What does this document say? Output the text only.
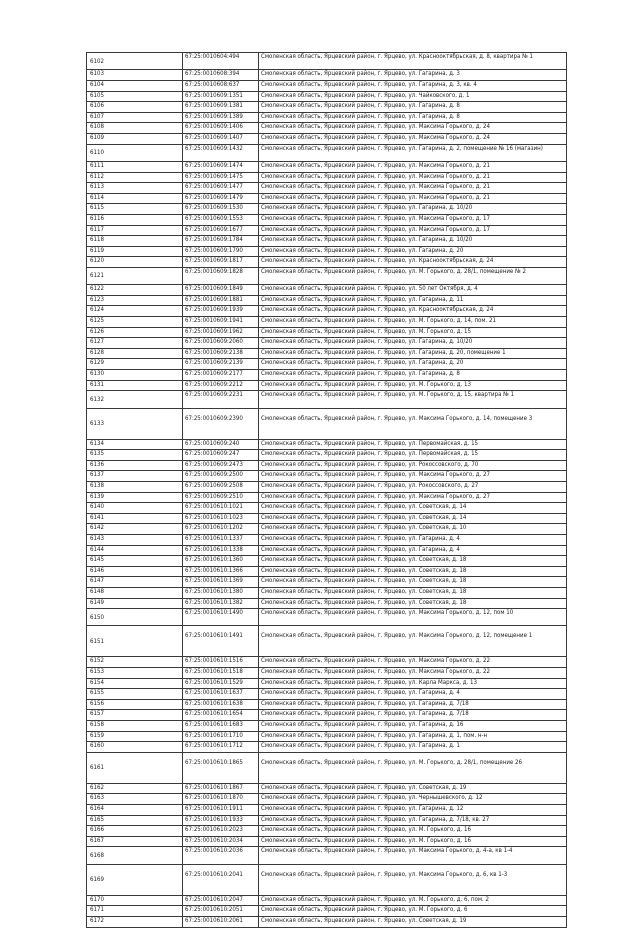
6102	67:25:0010604:494	Смоленская область, Ярцевский район, г. Ярцево, ул. Красноoктябрьская, д. 8, квартира № 1
6103	67:25:0010608:394	Смоленская область, Ярцевский район, г. Ярцево, ул. Гагарина, д. 3
6104	67:25:0010608:637	Смоленская область, Ярцевский район, г. Ярцево, ул. Гагарина, д. 3, кв. 4
6105	67:25:0010609:1351	Смоленская область, Ярцевский район, г. Ярцево, ул. Чайковского, д. 1
6106	67:25:0010609:1381	Смоленская область, Ярцевский район, г. Ярцево, ул. Гагарина, д. 8
6107	67:25:0010609:1389	Смоленская область, Ярцевский район, г. Ярцево, ул. Гагарина, д. 8
6108	67:25:0010609:1406	Смоленская область, Ярцевский район, г. Ярцево, ул. Максима Горького, д. 24
6109	67:25:0010609:1407	Смоленская область, Ярцевский район, г. Ярцево, ул. Максима Горького, д. 24
6110	67:25:0010609:1432	Смоленская область, Ярцевский район, г. Ярцево, ул. Гагарина, д. 2, помещение № 16 (магазин)
6111	67:25:0010609:1474	Смоленская область, Ярцевский район, г. Ярцево, ул. Максима Горького, д. 21
6112	67:25:0010609:1475	Смоленская область, Ярцевский район, г. Ярцево, ул. Максима Горького, д. 21
6113	67:25:0010609:1477	Смоленская область, Ярцевский район, г. Ярцево, ул. Максима Горького, д. 21
6114	67:25:0010609:1479	Смоленская область, Ярцевский район, г. Ярцево, ул. Максима Горького, д. 21
6115	67:25:0010609:1530	Смоленская область, Ярцевский район, г. Ярцево, ул. Гагарина, д. 10/20
6116	67:25:0010609:1553	Смоленская область, Ярцевский район, г. Ярцево, ул. Максима Горького, д. 17
6117	67:25:0010609:1677	Смоленская область, Ярцевский район, г. Ярцево, ул. Максима Горького, д. 17
6118	67:25:0010609:1784	Смоленская область, Ярцевский район, г. Ярцево, ул. Гагарина, д. 10/20
6119	67:25:0010609:1790	Смоленская область, Ярцевский район, г. Ярцево, ул. Гагарина, д. 20
6120	67:25:0010609:1817	Смоленская область, Ярцевский район, г. Ярцево, ул. Красноoктябрьская, д. 24
6121	67:25:0010609:1828	Смоленская область, Ярцевский район, г. Ярцево, ул. М. Горького, д. 28/1, помещение № 2
6122	67:25:0010609:1849	Смоленская область, Ярцевский район, г. Ярцево, ул. 50 лет Октября, д. 4
6123	67:25:0010609:1881	Смоленская область, Ярцевский район, г. Ярцево, ул. Гагарина, д. 11
6124	67:25:0010609:1939	Смоленская область, Ярцевский район, г. Ярцево, ул. Красноoктябрьская, д. 24
6125	67:25:0010609:1941	Смоленская область, Ярцевский район, г. Ярцево, ул. М. Горького, д. 14, пом. 21
6126	67:25:0010609:1962	Смоленская область, Ярцевский район, г. Ярцево, ул. М. Горького, д. 15
6127	67:25:0010609:2060	Смоленская область, Ярцевский район, г. Ярцево, ул. Гагарина, д. 10/20
6128	67:25:0010609:2138	Смоленская область, Ярцевский район, г. Ярцево, ул. Гагарина, д. 20, помещение 1
6129	67:25:0010609:2139	Смоленская область, Ярцевский район, г. Ярцево, ул. Гагарина, д. 20
6130	67:25:0010609:2177	Смоленская область, Ярцевский район, г. Ярцево, ул. Гагарина, д. 8
6131	67:25:0010609:2212	Смоленская область, Ярцевский район, г. Ярцево, ул. М. Горького, д. 13
6132	67:25:0010609:2231	Смоленская область, Ярцевский район, г. Ярцево, ул. М. Горького, д. 15, квартира № 1
6133	67:25:0010609:2390	Смоленская область, Ярцевский район, г. Ярцево, ул. Максима Горького, д. 14, помещение 3
6134	67:25:0010609:240	Смоленская область, Ярцевский район, г. Ярцево, ул. Первомайская, д. 15
6135	67:25:0010609:247	Смоленская область, Ярцевский район, г. Ярцево, ул. Первомайская, д. 15
6136	67:25:0010609:2473	Смоленская область, Ярцевский район, г. Ярцево, ул. Рокоссовского, д. 70
6137	67:25:0010609:2500	Смоленская область, Ярцевский район, г. Ярцево, ул. Максима Горького, д. 27
6138	67:25:0010609:2508	Смоленская область, Ярцевский район, г. Ярцево, ул. Рокоссовского, д. 27
6139	67:25:0010609:2510	Смоленская область, Ярцевский район, г. Ярцево, ул. Максима Горького, д. 27
6140	67:25:0010610:1021	Смоленская область, Ярцевский район, г. Ярцево, ул. Советская, д. 14
6141	67:25:0010610:1023	Смоленская область, Ярцевский район, г. Ярцево, ул. Советская, д. 14
6142	67:25:0010610:1202	Смоленская область, Ярцевский район, г. Ярцево, ул. Советская, д. 10
6143	67:25:0010610:1337	Смоленская область, Ярцевский район, г. Ярцево, ул. Гагарина, д. 4
6144	67:25:0010610:1338	Смоленская область, Ярцевский район, г. Ярцево, ул. Гагарина, д. 4
6145	67:25:0010610:1360	Смоленская область, Ярцевский район, г. Ярцево, ул. Советская, д. 18
6146	67:25:0010610:1366	Смоленская область, Ярцевский район, г. Ярцево, ул. Советская, д. 18
6147	67:25:0010610:1369	Смоленская область, Ярцевский район, г. Ярцево, ул. Советская, д. 18
6148	67:25:0010610:1380	Смоленская область, Ярцевский район, г. Ярцево, ул. Советская, д. 18
6149	67:25:0010610:1382	Смоленская область, Ярцевский район, г. Ярцево, ул. Советская, д. 18
6150	67:25:0010610:1490	Смоленская область, Ярцевский район, г. Ярцево, ул. Максима Горького, д. 12, пом 10
6151	67:25:0010610:1491	Смоленская область, Ярцевский район, г. Ярцево, ул. Максима Горького, д. 12, помещение 1
6152	67:25:0010610:1516	Смоленская область, Ярцевский район, г. Ярцево, ул. Максима Горького, д. 22
6153	67:25:0010610:1518	Смоленская область, Ярцевский район, г. Ярцево, ул. Максима Горького, д. 22
6154	67:25:0010610:1529	Смоленская область, Ярцевский район, г. Ярцево, ул. Карла Маркса, д. 13
6155	67:25:0010610:1637	Смоленская область, Ярцевский район, г. Ярцево, ул. Гагарина, д. 4
6156	67:25:0010610:1638	Смоленская область, Ярцевский район, г. Ярцево, ул. Гагарина, д. 7/18
6157	67:25:0010610:1654	Смоленская область, Ярцевский район, г. Ярцево, ул. Гагарина, д. 7/18
6158	67:25:0010610:1683	Смоленская область, Ярцевский район, г. Ярцево, ул. Гагарина, д. 16
6159	67:25:0010610:1710	Смоленская область, Ярцевский район, г. Ярцево, ул. Гагарина, д. 1, пом. н-н
6160	67:25:0010610:1712	Смоленская область, Ярцевский район, г. Ярцево, ул. Гагарина, д. 1
6161	67:25:0010610:1865	Смоленская область, Ярцевский район, г. Ярцево, ул. М. Горького, д. 28/1, помещение 26
6162	67:25:0010610:1867	Смоленская область, Ярцевский район, г. Ярцево, ул. Советская, д. 19
6163	67:25:0010610:1870	Смоленская область, Ярцевский район, г. Ярцево, ул. Чернышевского, д. 12
6164	67:25:0010610:1911	Смоленская область, Ярцевский район, г. Ярцево, ул. Гагарина, д. 12
6165	67:25:0010610:1933	Смоленская область, Ярцевский район, г. Ярцево, ул. Гагарина, д. 7/18, кв. 27
6166	67:25:0010610:2023	Смоленская область, Ярцевский район, г. Ярцево, ул. М. Горького, д. 16
6167	67:25:0010610:2034	Смоленская область, Ярцевский район, г. Ярцево, ул. М. Горького, д. 16
6168	67:25:0010610:2036	Смоленская область, Ярцевский район, г. Ярцево, ул. Максима Горького, д. 4-а, кв 1-4
6169	67:25:0010610:2041	Смоленская область, Ярцевский район, г. Ярцево, ул. Максима Горького, д. 6, кв 1-3
6170	67:25:0010610:2047	Смоленская область, Ярцевский район, г. Ярцево, ул. М. Горького, д. 6, пом. 2
6171	67:25:0010610:2051	Смоленская область, Ярцевский район, г. Ярцево, ул. М. Горького, д. 6
6172	67:25:0010610:2061	Смоленская область, Ярцевский район, г. Ярцево, ул. Советская, д. 19
